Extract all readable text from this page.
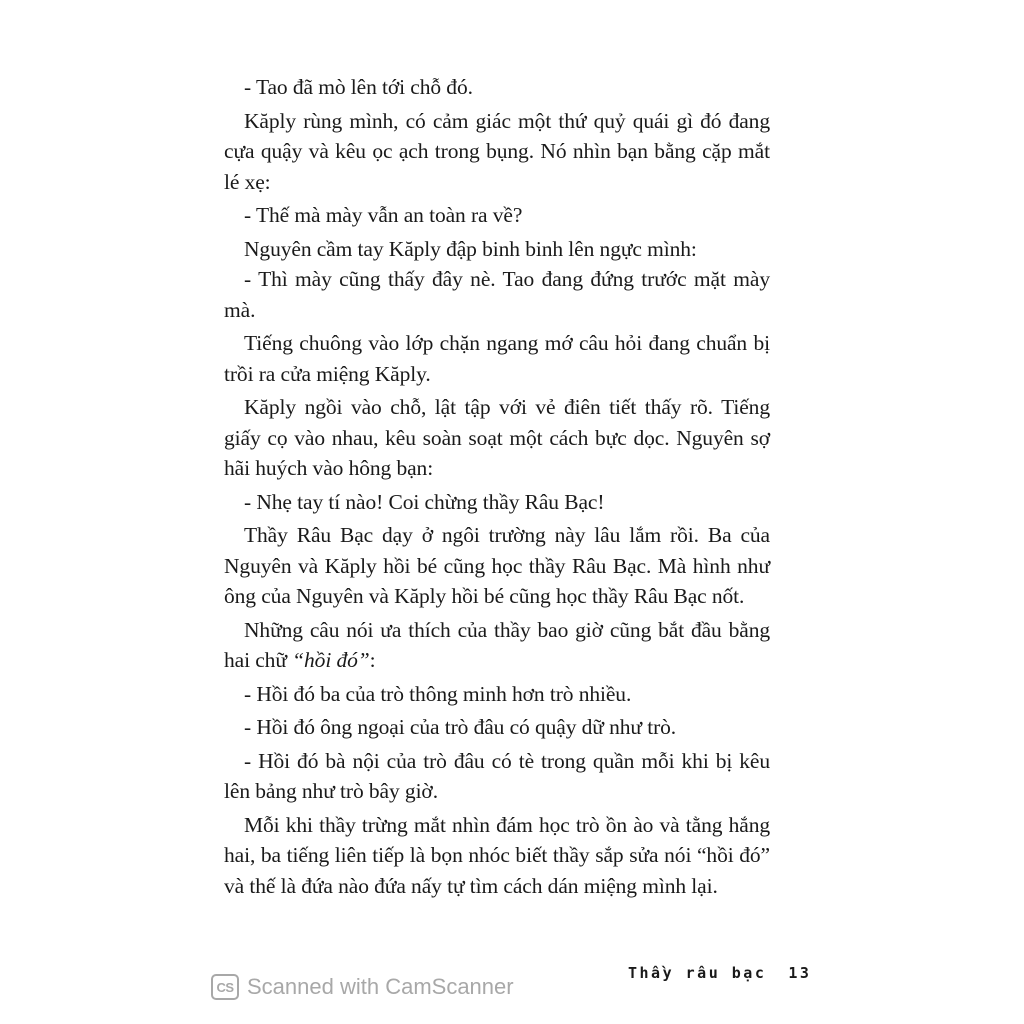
- Tao đã mò lên tới chỗ đó.

Kăply rùng mình, có cảm giác một thứ quỷ quái gì đó đang cựa quậy và kêu ọc ạch trong bụng. Nó nhìn bạn bằng cặp mắt lé xẹ:

- Thế mà mày vẫn an toàn ra về?

Nguyên cầm tay Kăply đập binh binh lên ngực mình:

- Thì mày cũng thấy đây nè. Tao đang đứng trước mặt mày mà.

Tiếng chuông vào lớp chặn ngang mớ câu hỏi đang chuẩn bị trồi ra cửa miệng Kăply.

Kăply ngồi vào chỗ, lật tập với vẻ điên tiết thấy rõ. Tiếng giấy cọ vào nhau, kêu soàn soạt một cách bực dọc. Nguyên sợ hãi huých vào hông bạn:

- Nhẹ tay tí nào! Coi chừng thầy Râu Bạc!

Thầy Râu Bạc dạy ở ngôi trường này lâu lắm rồi. Ba của Nguyên và Kăply hồi bé cũng học thầy Râu Bạc. Mà hình như ông của Nguyên và Kăply hồi bé cũng học thầy Râu Bạc nốt.

Những câu nói ưa thích của thầy bao giờ cũng bắt đầu bằng hai chữ “hồi đó”:

- Hồi đó ba của trò thông minh hơn trò nhiều.

- Hồi đó ông ngoại của trò đâu có quậy dữ như trò.

- Hồi đó bà nội của trò đâu có tè trong quần mỗi khi bị kêu lên bảng như trò bây giờ.

Mỗi khi thầy trừng mắt nhìn đám học trò ồn ào và tằng hắng hai, ba tiếng liên tiếp là bọn nhóc biết thầy sắp sửa nói “hồi đó” và thế là đứa nào đứa nấy tự tìm cách dán miệng mình lại.

CS Scanned with CamScanner
Thầy râu bạc 13
